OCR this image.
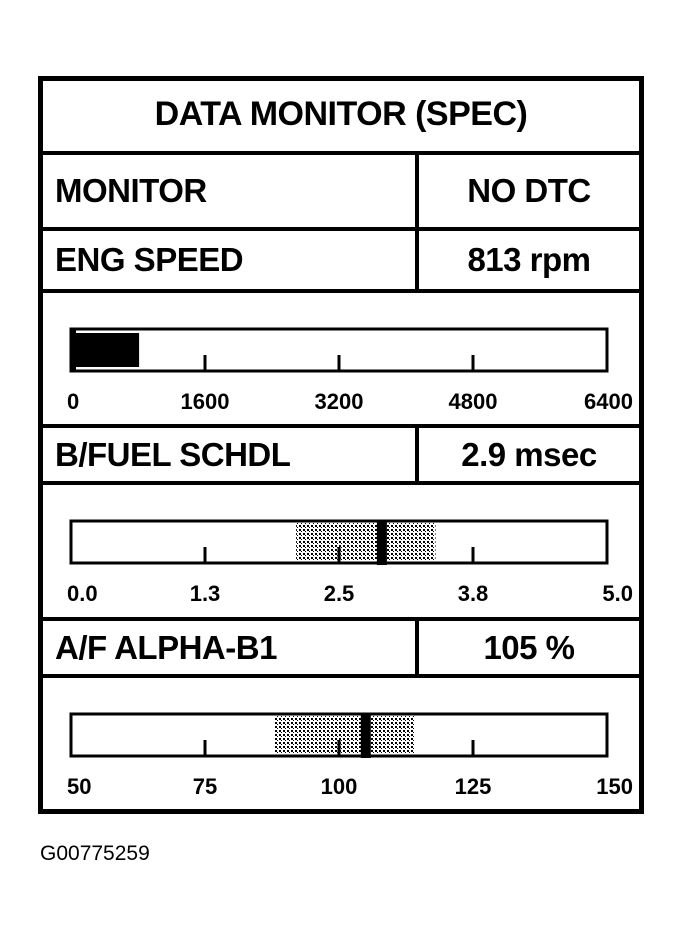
DATA MONITOR (SPEC)
MONITOR	NO DTC
ENG SPEED	813 rpm
0	1600	3200	4800	6400
B/FUEL SCHDL	2.9 msec
0.0	1.3	2.5	3.8	5.0
A/F ALPHA-B1	105 %
50	75	100	125	150
G00775259
